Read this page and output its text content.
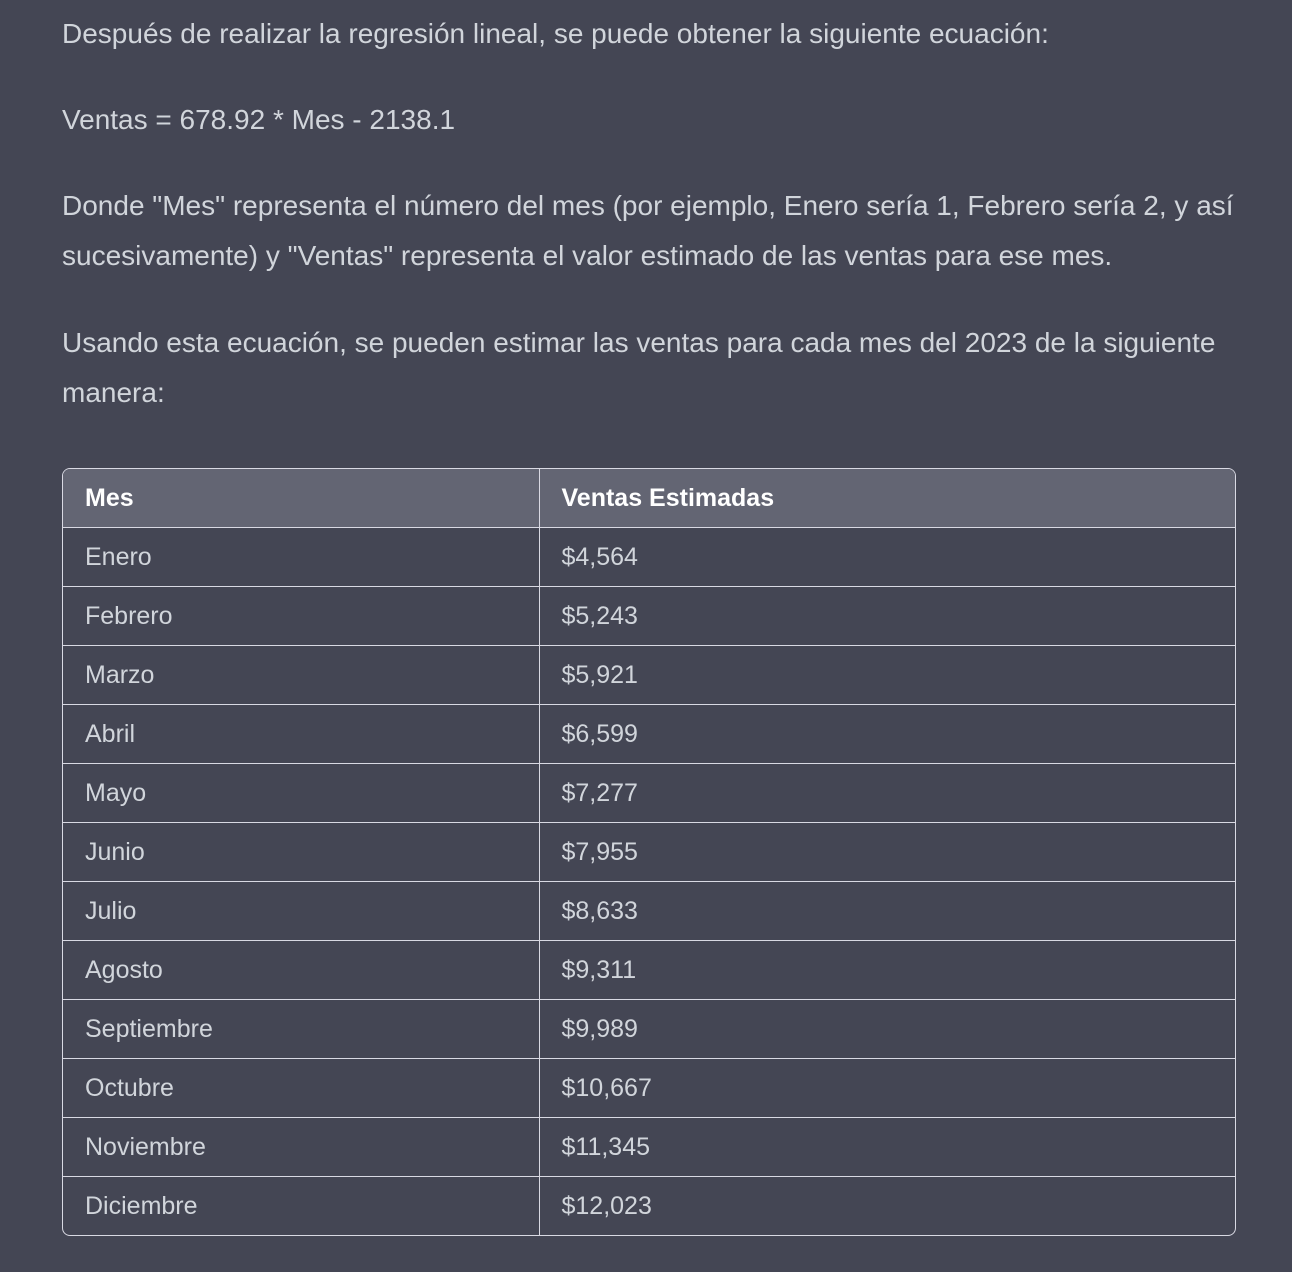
Después de realizar la regresión lineal, se puede obtener la siguiente ecuación:

Ventas = 678.92 * Mes - 2138.1

Donde "Mes" representa el número del mes (por ejemplo, Enero sería 1, Febrero sería 2, y así sucesivamente) y "Ventas" representa el valor estimado de las ventas para ese mes.

Usando esta ecuación, se pueden estimar las ventas para cada mes del 2023 de la siguiente manera:

Mes	Ventas Estimadas
Enero	$4,564
Febrero	$5,243
Marzo	$5,921
Abril	$6,599
Mayo	$7,277
Junio	$7,955
Julio	$8,633
Agosto	$9,311
Septiembre	$9,989
Octubre	$10,667
Noviembre	$11,345
Diciembre	$12,023
